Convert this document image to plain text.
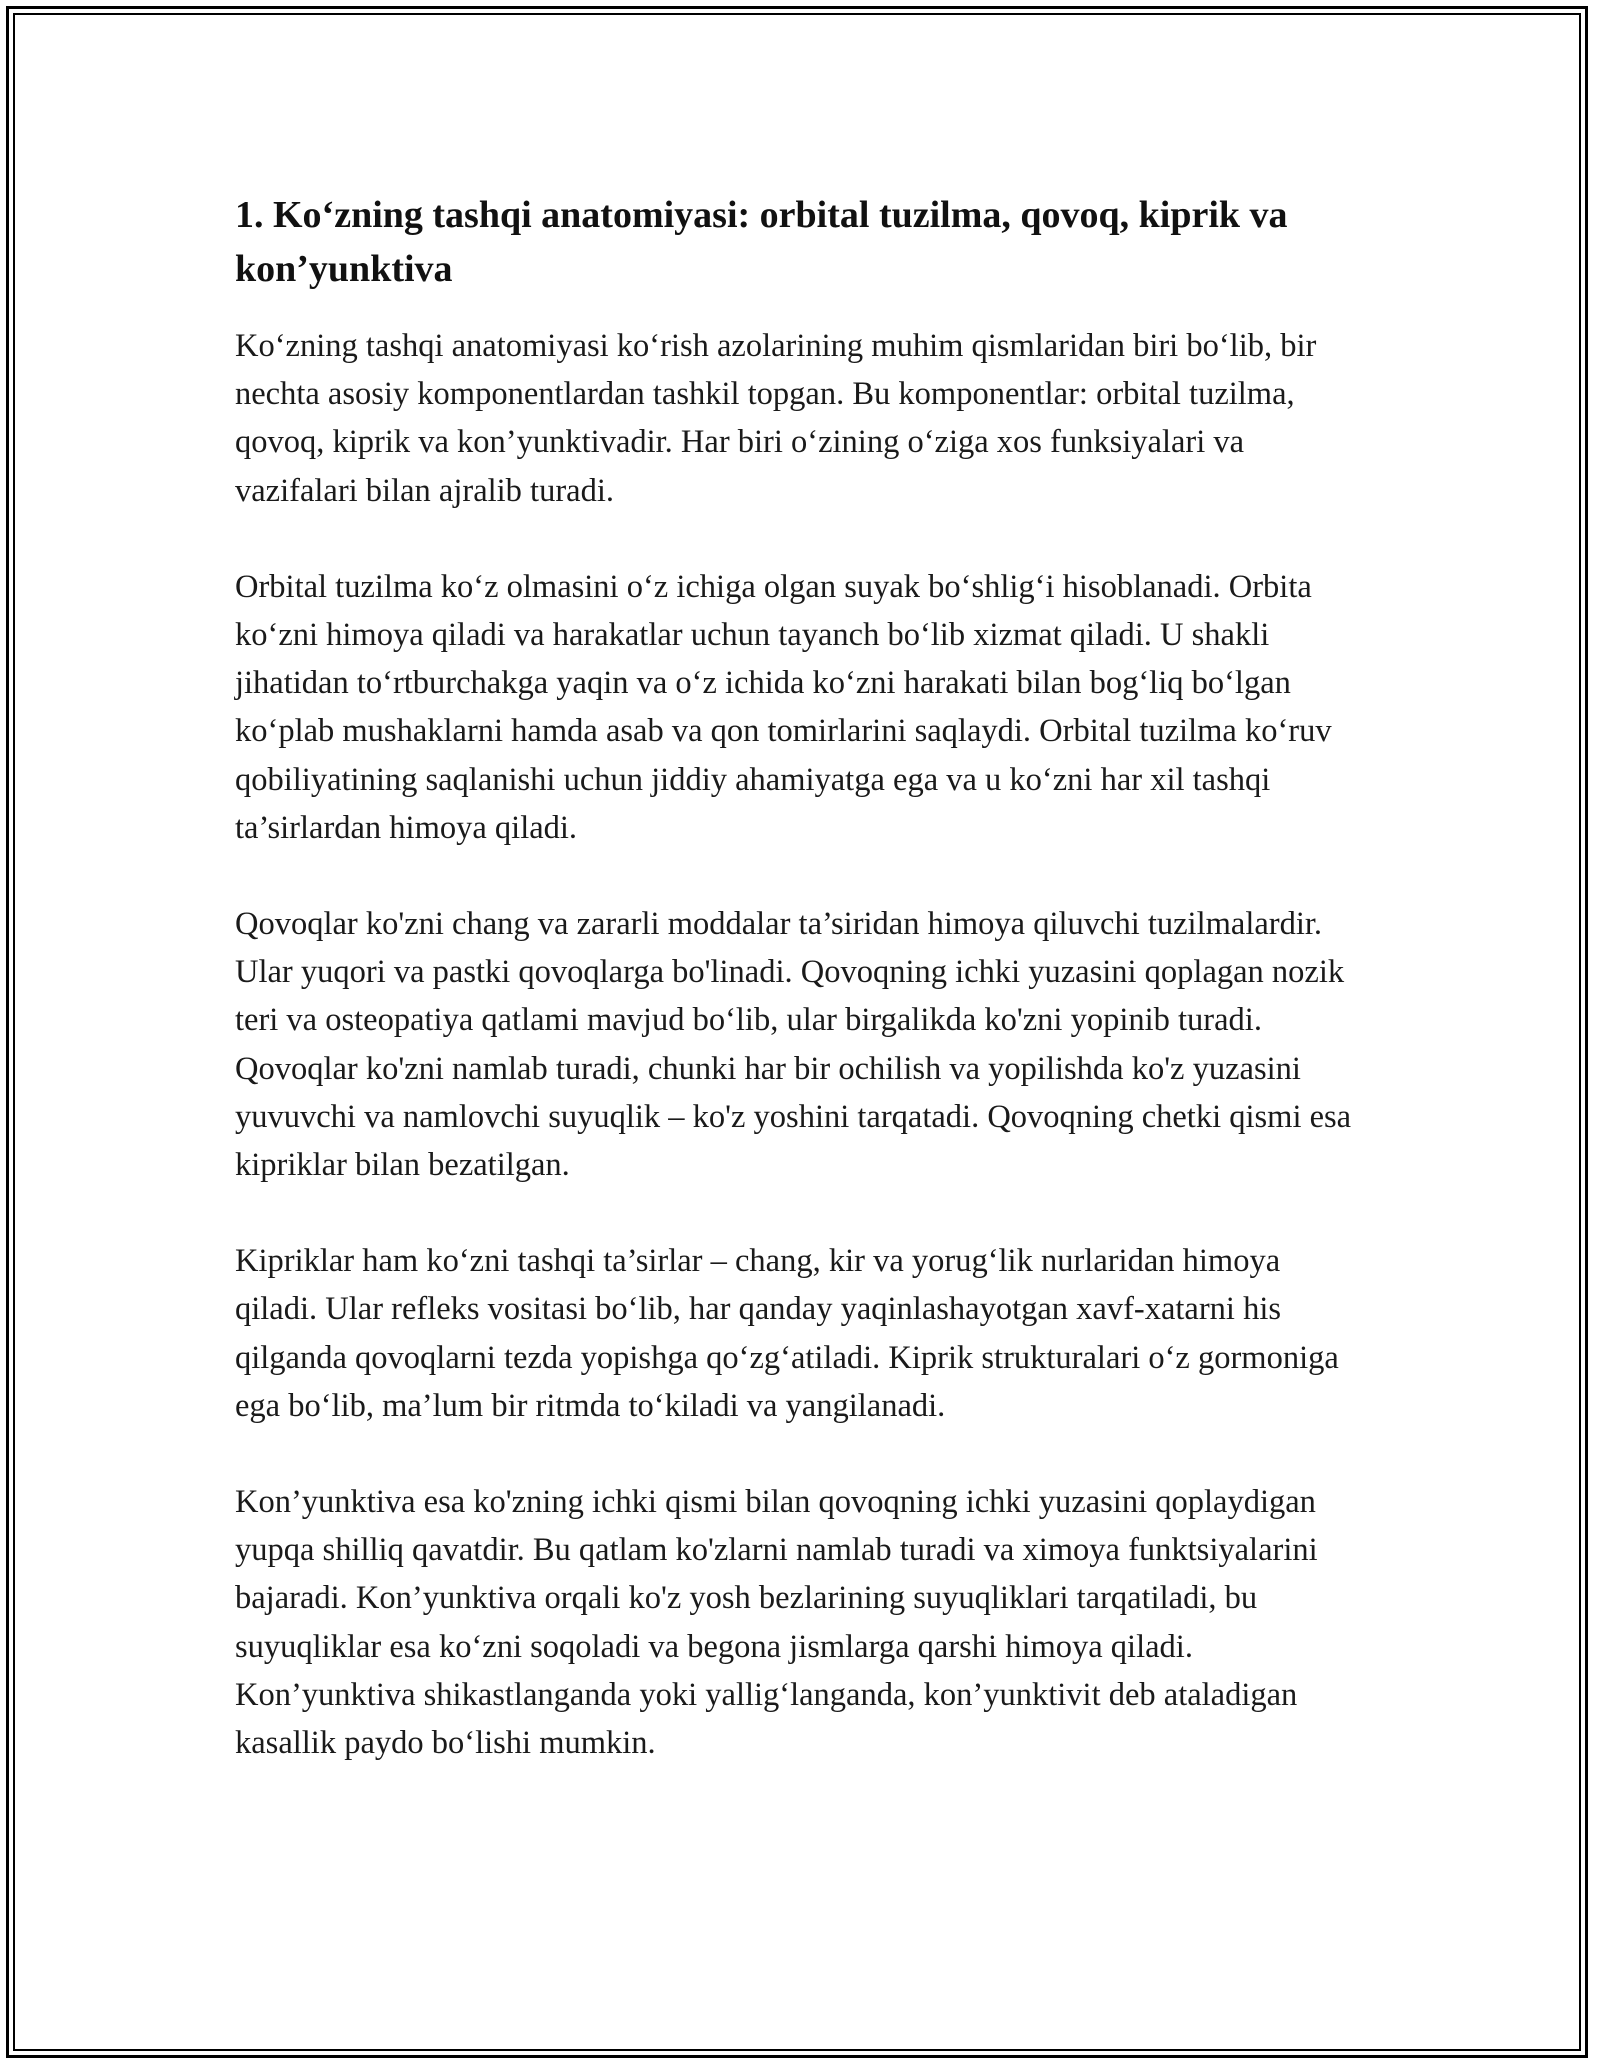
1. Ko‘zning tashqi anatomiyasi: orbital tuzilma, qovoq, kiprik va kon’yunktiva

Ko‘zning tashqi anatomiyasi ko‘rish azolarining muhim qismlaridan biri bo‘lib, bir nechta asosiy komponentlardan tashkil topgan. Bu komponentlar: orbital tuzilma, qovoq, kiprik va kon’yunktivadir. Har biri o‘zining o‘ziga xos funksiyalari va vazifalari bilan ajralib turadi.

Orbital tuzilma ko‘z olmasini o‘z ichiga olgan suyak bo‘shlig‘i hisoblanadi. Orbita ko‘zni himoya qiladi va harakatlar uchun tayanch bo‘lib xizmat qiladi. U shakli jihatidan to‘rtburchakga yaqin va o‘z ichida ko‘zni harakati bilan bog‘liq bo‘lgan ko‘plab mushaklarni hamda asab va qon tomirlarini saqlaydi. Orbital tuzilma ko‘ruv qobiliyatining saqlanishi uchun jiddiy ahamiyatga ega va u ko‘zni har xil tashqi ta’sirlardan himoya qiladi.

Qovoqlar ko'zni chang va zararli moddalar ta’siridan himoya qiluvchi tuzilmalardir. Ular yuqori va pastki qovoqlarga bo'linadi. Qovoqning ichki yuzasini qoplagan nozik teri va osteopatiya qatlami mavjud bo‘lib, ular birgalikda ko'zni yopinib turadi. Qovoqlar ko'zni namlab turadi, chunki har bir ochilish va yopilishda ko'z yuzasini yuvuvchi va namlovchi suyuqlik – ko'z yoshini tarqatadi. Qovoqning chetki qismi esa kipriklar bilan bezatilgan.

Kipriklar ham ko‘zni tashqi ta’sirlar – chang, kir va yorug‘lik nurlaridan himoya qiladi. Ular refleks vositasi bo‘lib, har qanday yaqinlashayotgan xavf-xatarni his qilganda qovoqlarni tezda yopishga qo‘zg‘atiladi. Kiprik strukturalari o‘z gormoniga ega bo‘lib, ma’lum bir ritmda to‘kiladi va yangilanadi.

Kon’yunktiva esa ko'zning ichki qismi bilan qovoqning ichki yuzasini qoplaydigan yupqa shilliq qavatdir. Bu qatlam ko'zlarni namlab turadi va ximoya funktsiyalarini bajaradi. Kon’yunktiva orqali ko'z yosh bezlarining suyuqliklari tarqatiladi, bu suyuqliklar esa ko‘zni soqoladi va begona jismlarga qarshi himoya qiladi. Kon’yunktiva shikastlanganda yoki yallig‘langanda, kon’yunktivit deb ataladigan kasallik paydo bo‘lishi mumkin.
